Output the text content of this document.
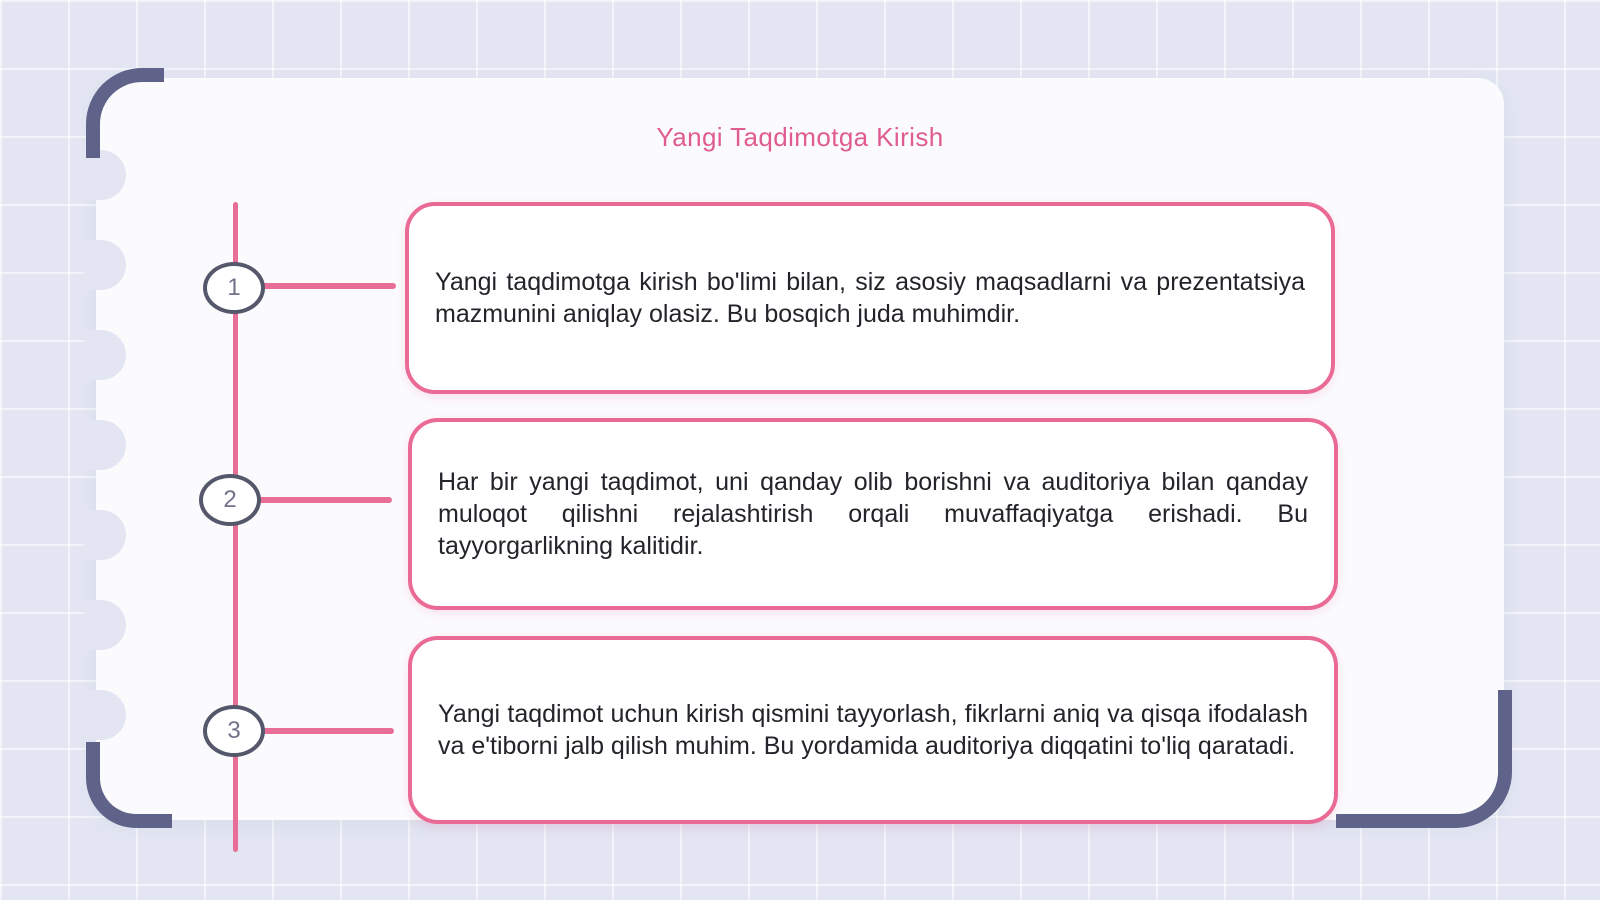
Yangi Taqdimotga Kirish
1
2
3

Yangi taqdimotga kirish bo'limi bilan, siz asosiy maqsadlarni va prezentatsiya mazmunini aniqlay olasiz. Bu bosqich juda muhimdir.

Har bir yangi taqdimot, uni qanday olib borishni va auditoriya bilan qanday muloqot qilishni rejalashtirish orqali muvaffaqiyatga erishadi. Bu tayyorgarlikning kalitidir.

Yangi taqdimot uchun kirish qismini tayyorlash, fikrlarni aniq va qisqa ifodalash va e'tiborni jalb qilish muhim. Bu yordamida auditoriya diqqatini to'liq qaratadi.
